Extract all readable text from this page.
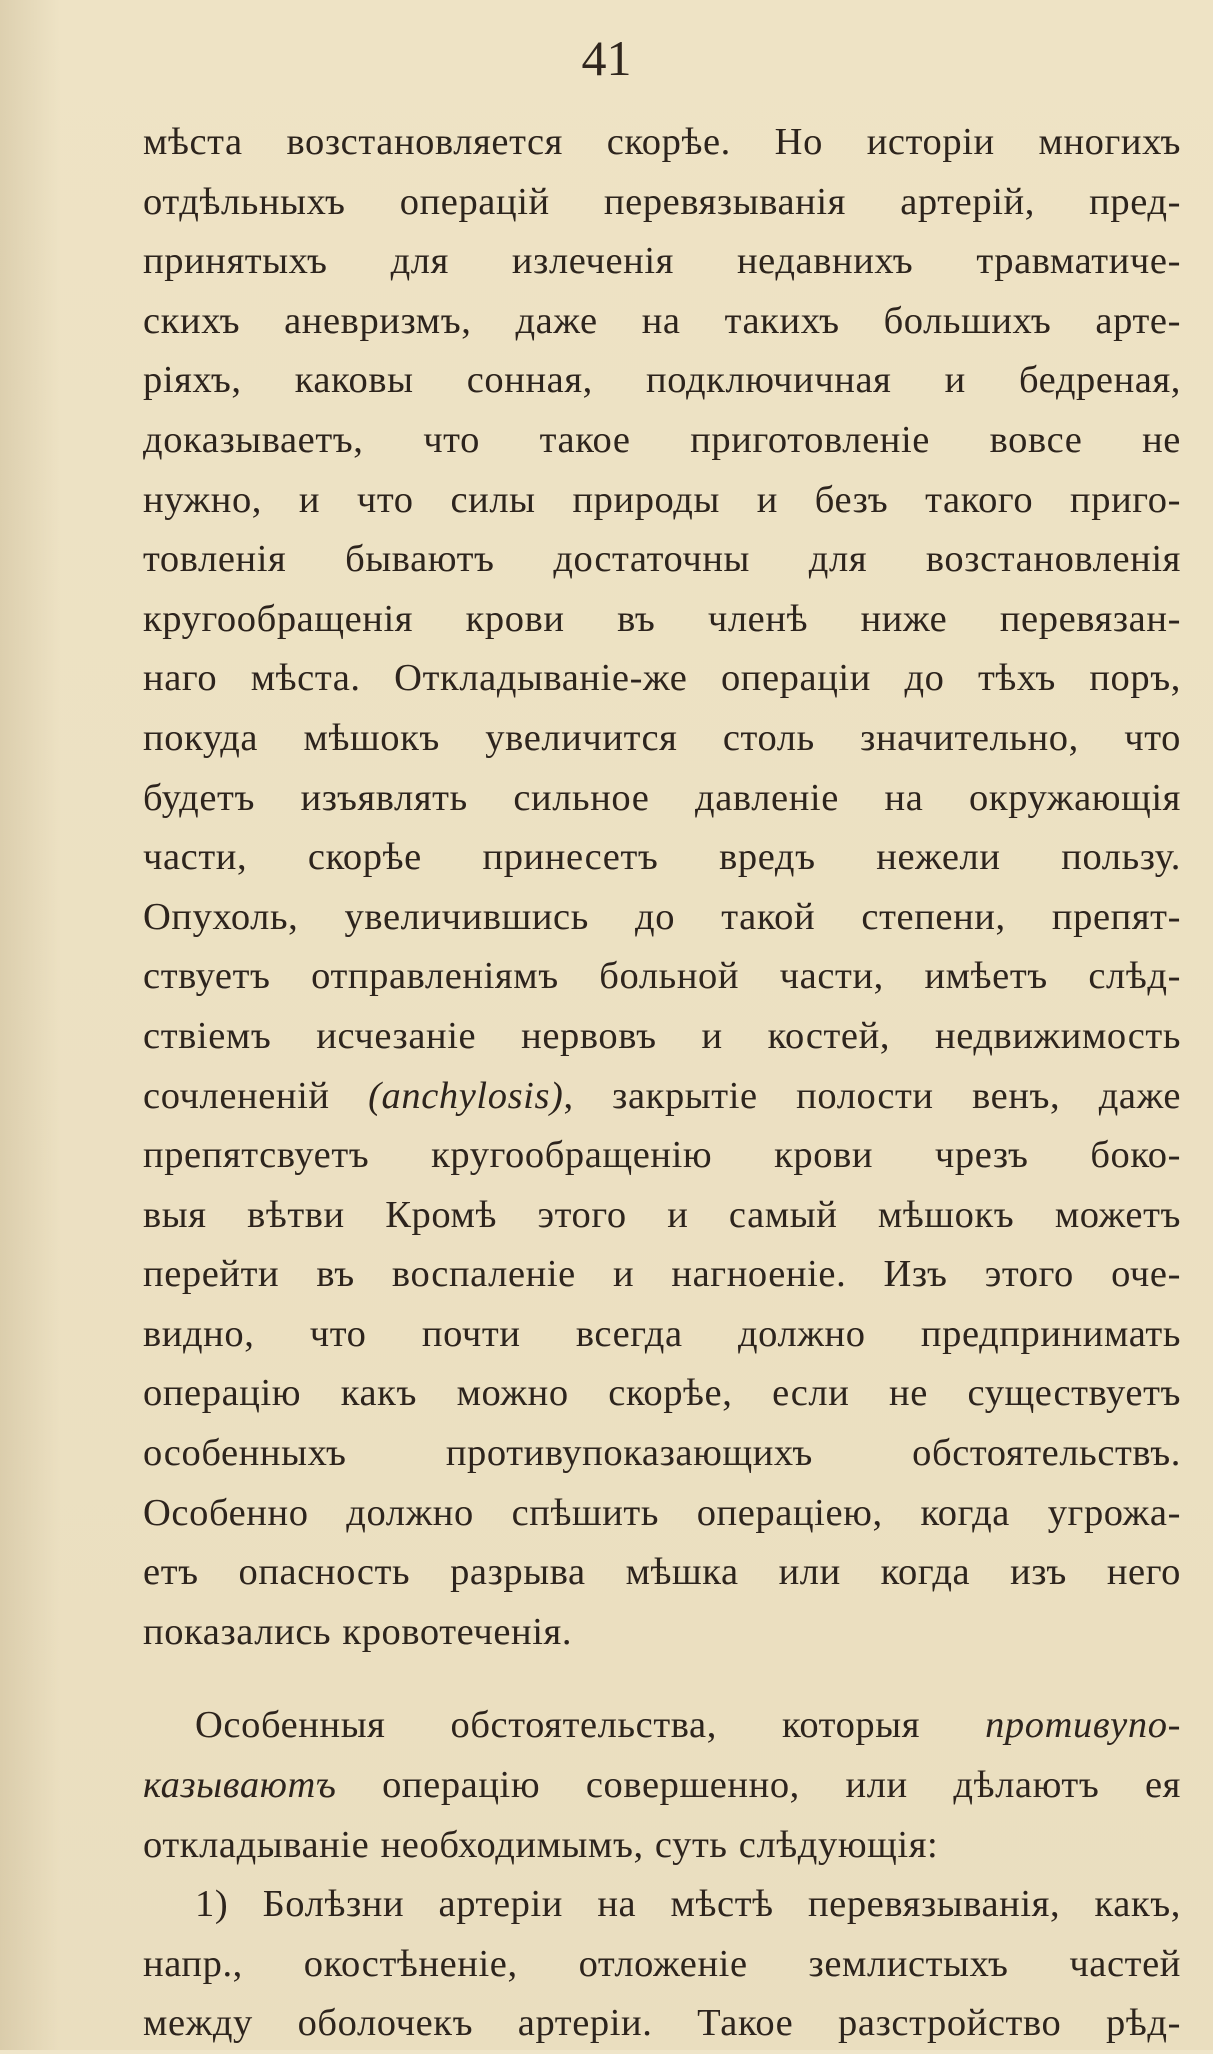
41
мѣста возстановляется скорѣе. Но исторіи многихъ
отдѣльныхъ операцій перевязыванія артерій, пред-
принятыхъ для излеченія недавнихъ травматиче-
скихъ аневризмъ, даже на такихъ большихъ арте-
ріяхъ, каковы сонная, подключичная и бедреная,
доказываетъ, что такое приготовленіе вовсе не
нужно, и что силы природы и безъ такого приго-
товленія бываютъ достаточны для возстановленія
кругообращенія крови въ членѣ ниже перевязан-
наго мѣста. Откладываніе-же операціи до тѣхъ поръ,
покуда мѣшокъ увеличится столь значительно, что
будетъ изъявлять сильное давленіе на окружающія
части, скорѣе принесетъ вредъ нежели пользу.
Опухоль, увеличившись до такой степени, препят-
ствуетъ отправленіямъ больной части, имѣетъ слѣд-
ствіемъ исчезаніе нервовъ и костей, недвижимость
сочлененій (anchylosis), закрытіе полости венъ, даже
препятсвуетъ кругообращенію крови чрезъ боко-
выя вѣтви Кромѣ этого и самый мѣшокъ можетъ
перейти въ воспаленіе и нагноеніе. Изъ этого оче-
видно, что почти всегда должно предпринимать
операцію какъ можно скорѣе, если не существуетъ
особенныхъ противупоказающихъ обстоятельствъ.
Особенно должно спѣшить операціею, когда угрожа-
етъ опасность разрыва мѣшка или когда изъ него
показались кровотеченія.
Особенныя обстоятельства, которыя противупо-
казываютъ операцію совершенно, или дѣлаютъ ея
откладываніе необходимымъ, суть слѣдующія:
1) Болѣзни артеріи на мѣстѣ перевязыванія, какъ,
напр., окостѣненіе, отложеніе землистыхъ частей
между оболочекъ артеріи. Такое разстройство рѣд-
